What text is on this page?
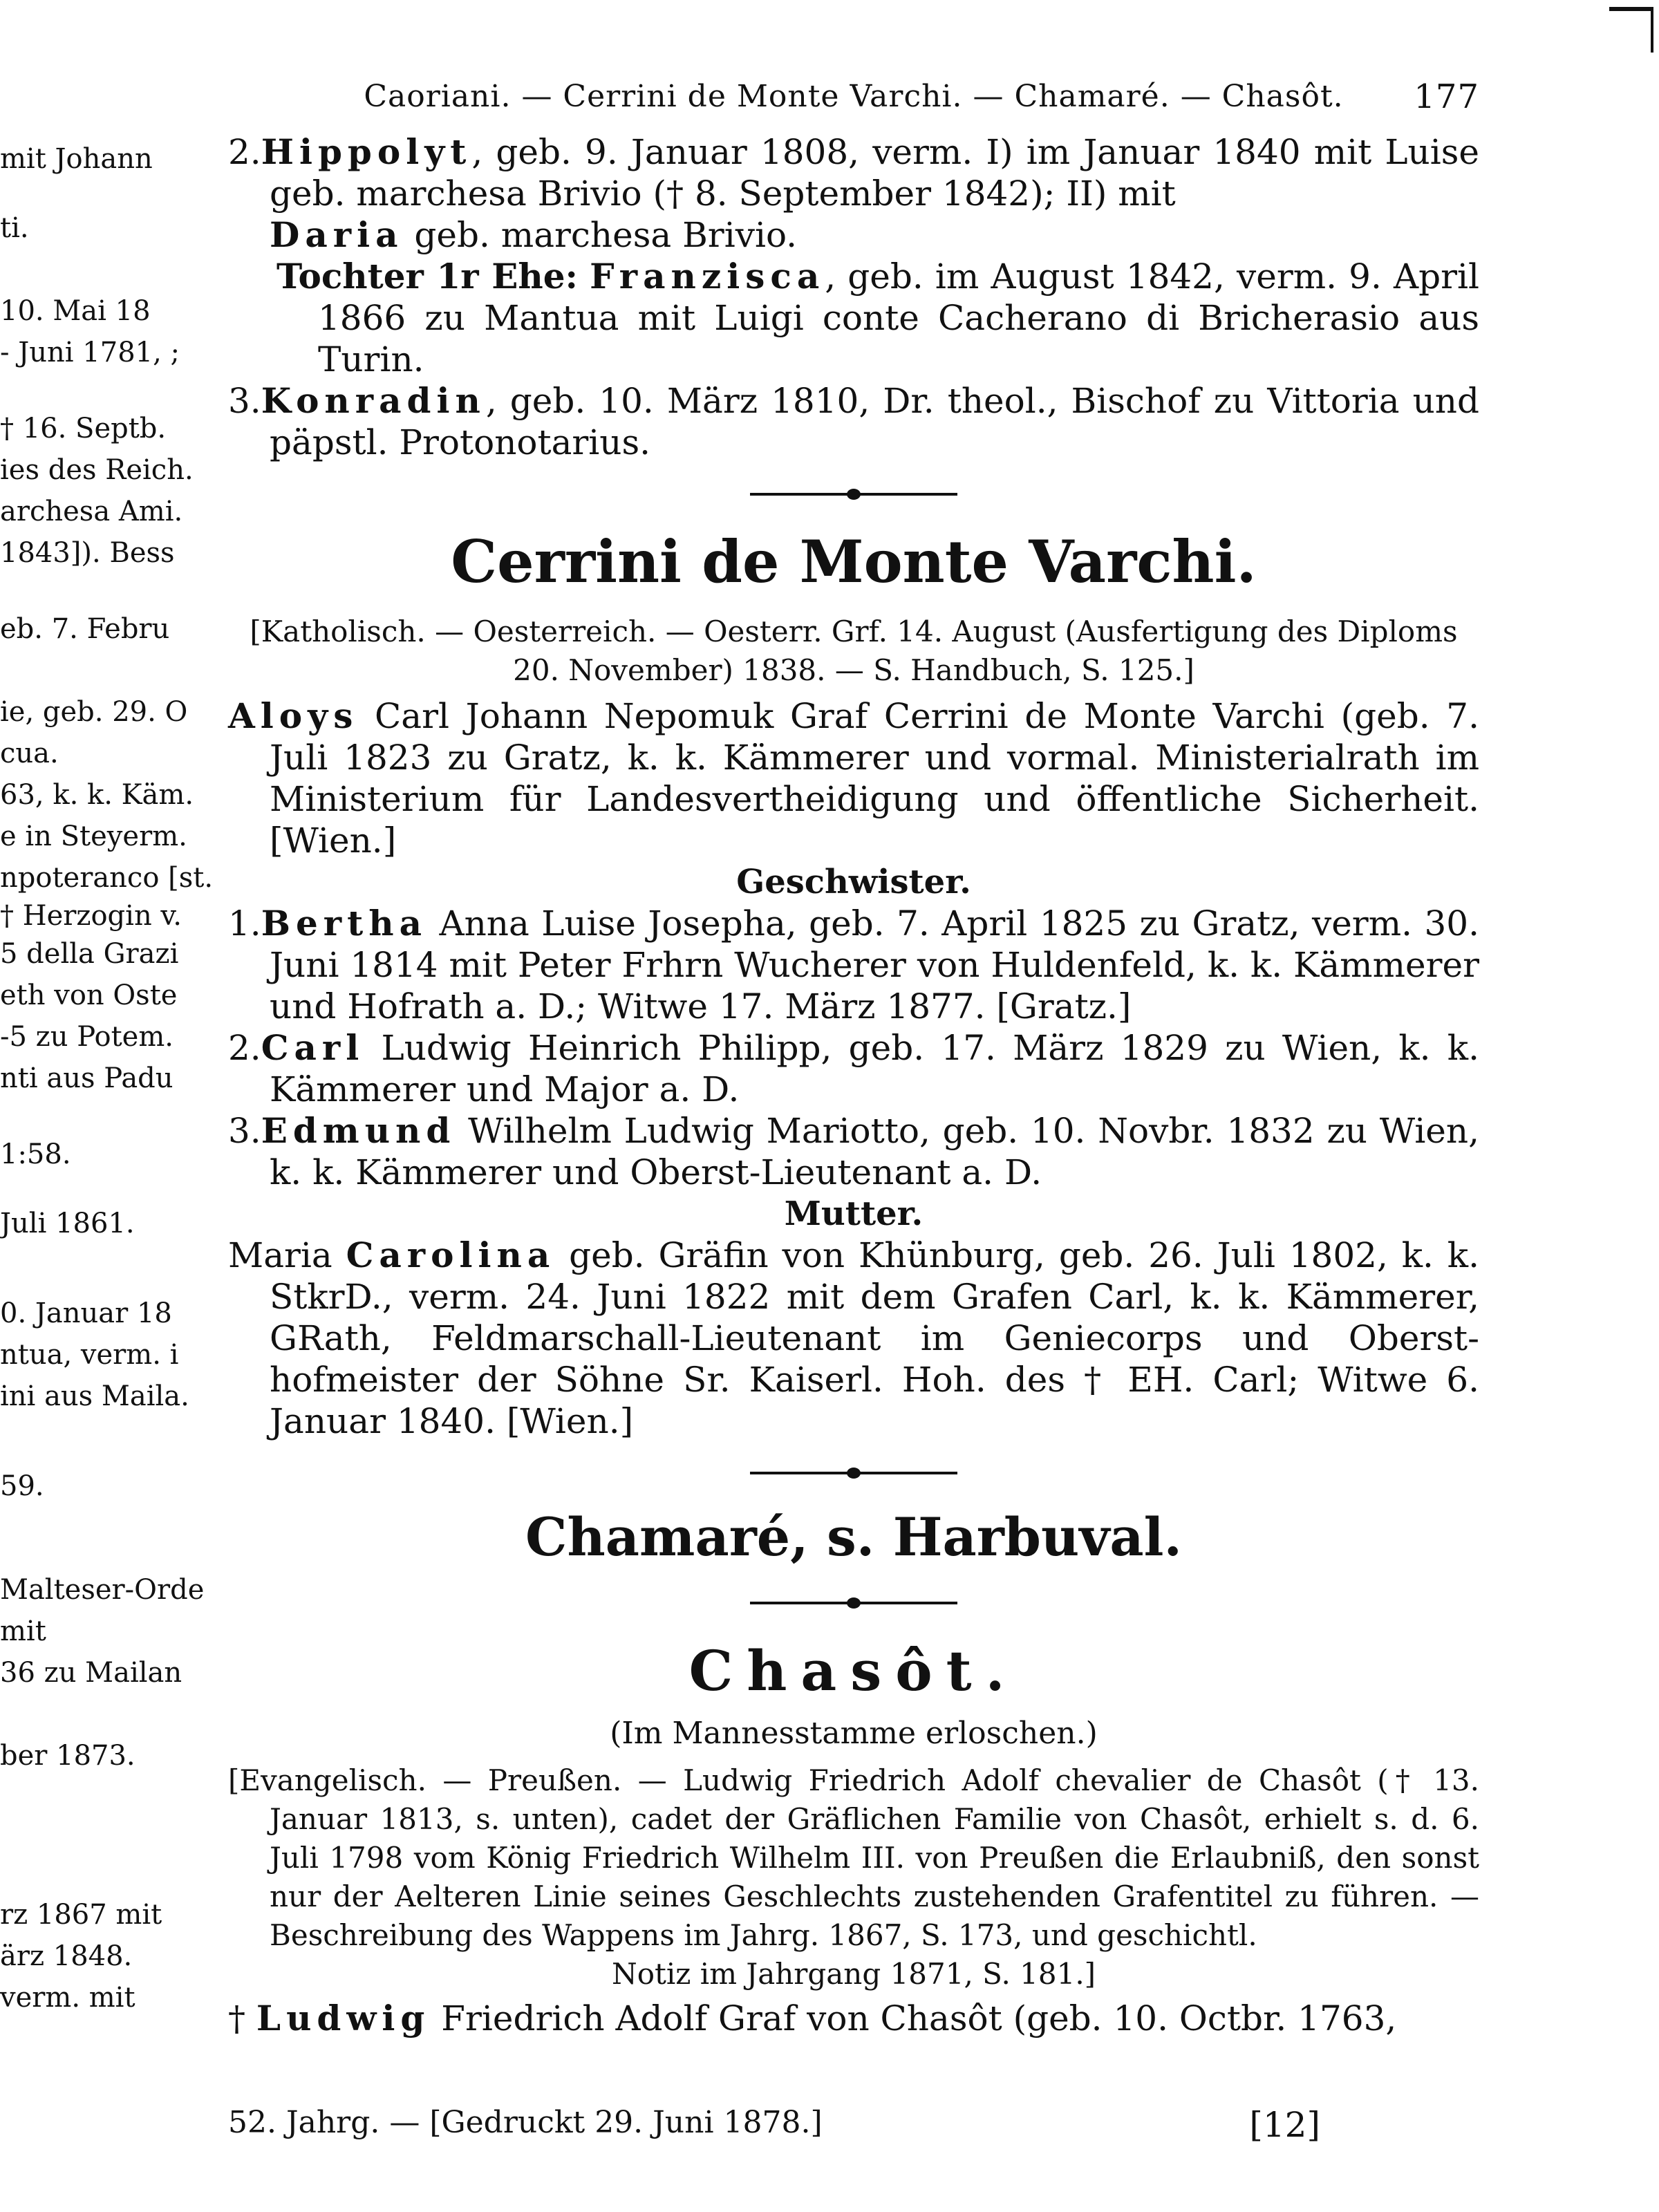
mit Johann
ti.
10. Mai 18
- Juni 1781, ;
† 16. Septb.
ies des Reich.
archesa Ami.
1843]). Bess
eb. 7. Febru
ie, geb. 29. O
cua.
63, k. k. Käm.
e in Steyerm.
npoteranco [st.
† Herzogin v.
5 della Grazi
eth von Oste
-5 zu Potem.
nti aus Padu
1:58.
Juli 1861.
0. Januar 18
ntua, verm. i
ini aus Maila.
59.
Malteser-Orde
mit
36 zu Mailan
ber 1873.
rz 1867 mit
ärz 1848.
verm. mit
Caoriani. — Cerrini de Monte Varchi. — Chamaré. — Chasôt. 177

2.Hippolyt, geb. 9. Januar 1808, verm. I) im Januar 1840 mit Luise geb. marchesa Brivio († 8. September 1842); II) mit
Daria geb. marchesa Brivio.

Tochter 1r Ehe: Franzisca, geb. im August 1842, verm. 9. April 1866 zu Mantua mit Luigi conte Cacherano di Bricherasio aus Turin.

3.Konradin, geb. 10. März 1810, Dr. theol., Bischof zu Vittoria und päpstl. Protonotarius.

Cerrini de Monte Varchi.
[Katholisch. — Oesterreich. — Oesterr. Grf. 14. August (Ausfertigung des Diploms
20. November) 1838. — S. Handbuch, S. 125.]

Aloys Carl Johann Nepomuk Graf Cerrini de Monte Varchi (geb. 7. Juli 1823 zu Gratz, k. k. Kämmerer und vormal. Ministerialrath im Ministerium für Landesvertheidigung und öffentliche Sicherheit. [Wien.]

Geschwister.

1.Bertha Anna Luise Josepha, geb. 7. April 1825 zu Gratz, verm. 30. Juni 1814 mit Peter Frhrn Wucherer von Huldenfeld, k. k. Kämmerer und Hofrath a. D.; Witwe 17. März 1877. [Gratz.]

2.Carl Ludwig Heinrich Philipp, geb. 17. März 1829 zu Wien, k. k. Kämmerer und Major a. D.

3.Edmund Wilhelm Ludwig Mariotto, geb. 10. Novbr. 1832 zu Wien, k. k. Kämmerer und Oberst-Lieutenant a. D.

Mutter.

Maria Carolina geb. Gräfin von Khünburg, geb. 26. Juli 1802, k. k. StkrD., verm. 24. Juni 1822 mit dem Grafen Carl, k. k. Kämmerer, GRath, Feldmarschall-Lieutenant im Geniecorps und Oberst-hofmeister der Söhne Sr. Kaiserl. Hoh. des † EH. Carl; Witwe 6. Januar 1840. [Wien.]

Chamaré, s. Harbuval.
Chasôt.
(Im Mannesstamme erloschen.)

[Evangelisch. — Preußen. — Ludwig Friedrich Adolf chevalier de Chasôt († 13. Januar 1813, s. unten), cadet der Gräflichen Familie von Chasôt, erhielt s. d. 6. Juli 1798 vom König Friedrich Wilhelm III. von Preußen die Erlaubniß, den sonst nur der Aelteren Linie seines Geschlechts zustehenden Grafentitel zu führen. — Beschreibung des Wappens im Jahrg. 1867, S. 173, und geschichtl.

Notiz im Jahrgang 1871, S. 181.]

† Ludwig Friedrich Adolf Graf von Chasôt (geb. 10. Octbr. 1763,

52. Jahrg. — [Gedruckt 29. Juni 1878.]	[12]
